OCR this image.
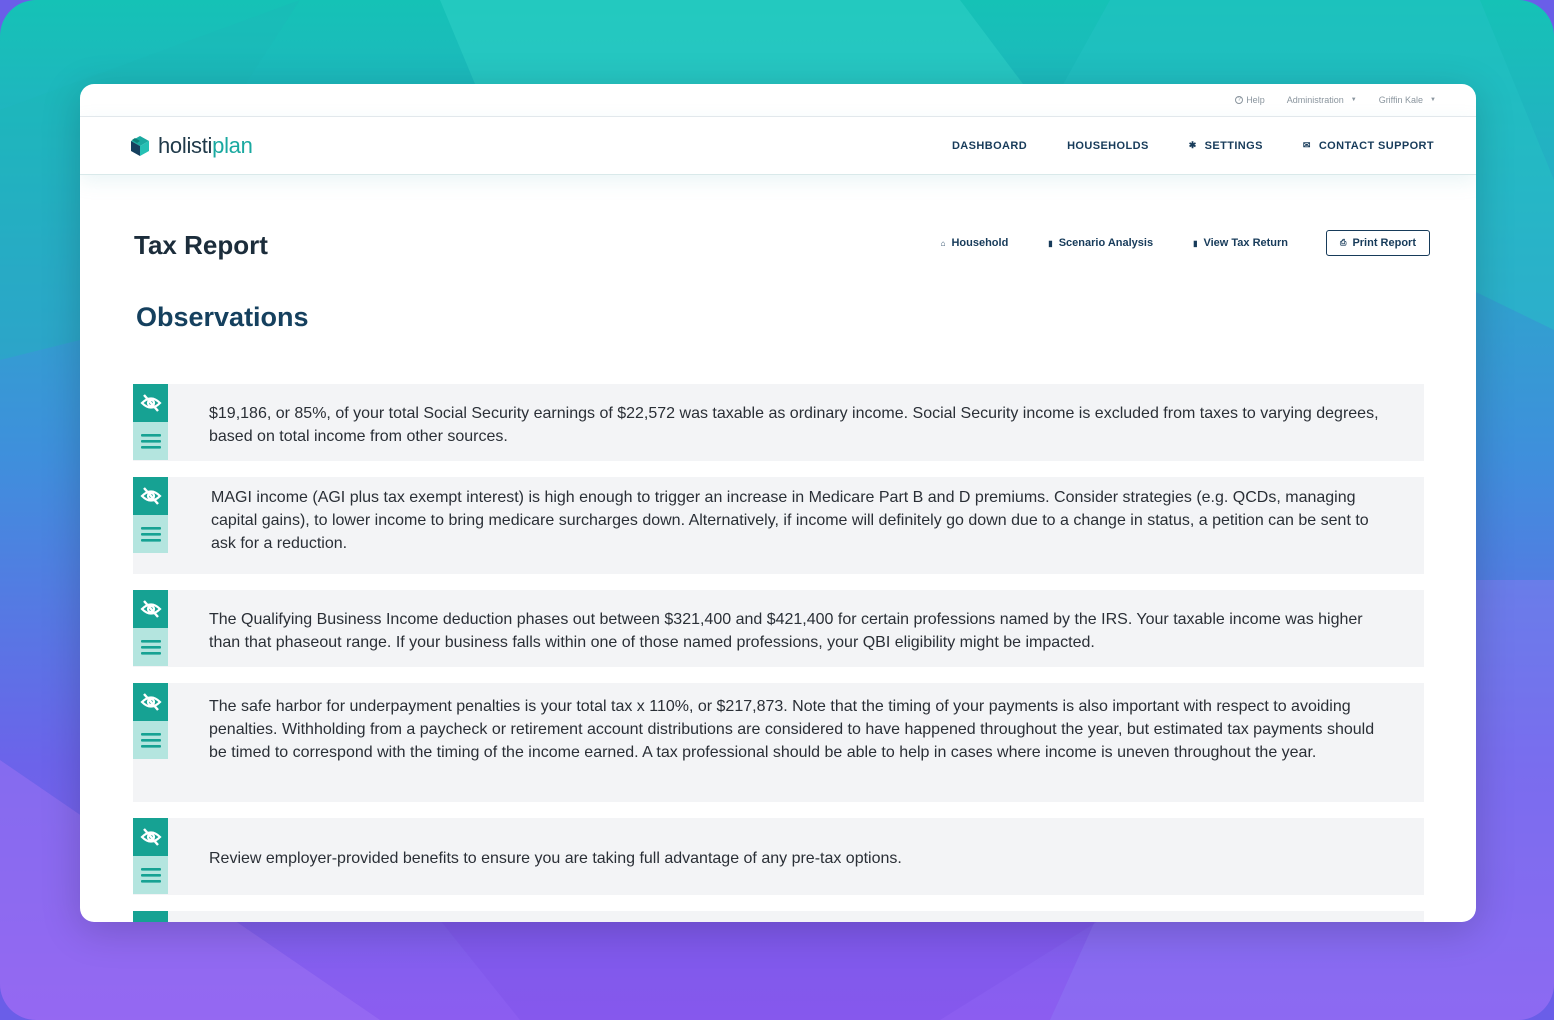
? Help Administration ▼ Griffin Kale ▼
holistiplan	DASHBOARD	HOUSEHOLDS	✱ SETTINGS	✉ CONTACT SUPPORT
Tax Report	⌂ Household	▮ Scenario Analysis	▮ View Tax Return	⎙ Print Report
Observations

$19,186, or 85%, of your total Social Security earnings of $22,572 was taxable as ordinary income. Social Security income is excluded from taxes to varying degrees, based on total income from other sources.

MAGI income (AGI plus tax exempt interest) is high enough to trigger an increase in Medicare Part B and D premiums. Consider strategies (e.g. QCDs, managing capital gains), to lower income to bring medicare surcharges down. Alternatively, if income will definitely go down due to a change in status, a petition can be sent to ask for a reduction.

The Qualifying Business Income deduction phases out between $321,400 and $421,400 for certain professions named by the IRS. Your taxable income was higher than that phaseout range. If your business falls within one of those named professions, your QBI eligibility might be impacted.

The safe harbor for underpayment penalties is your total tax x 110%, or $217,873. Note that the timing of your payments is also important with respect to avoiding penalties. Withholding from a paycheck or retirement account distributions are considered to have happened throughout the year, but estimated tax payments should be timed to correspond with the timing of the income earned. A tax professional should be able to help in cases where income is uneven throughout the year.

Review employer-provided benefits to ensure you are taking full advantage of any pre-tax options.
